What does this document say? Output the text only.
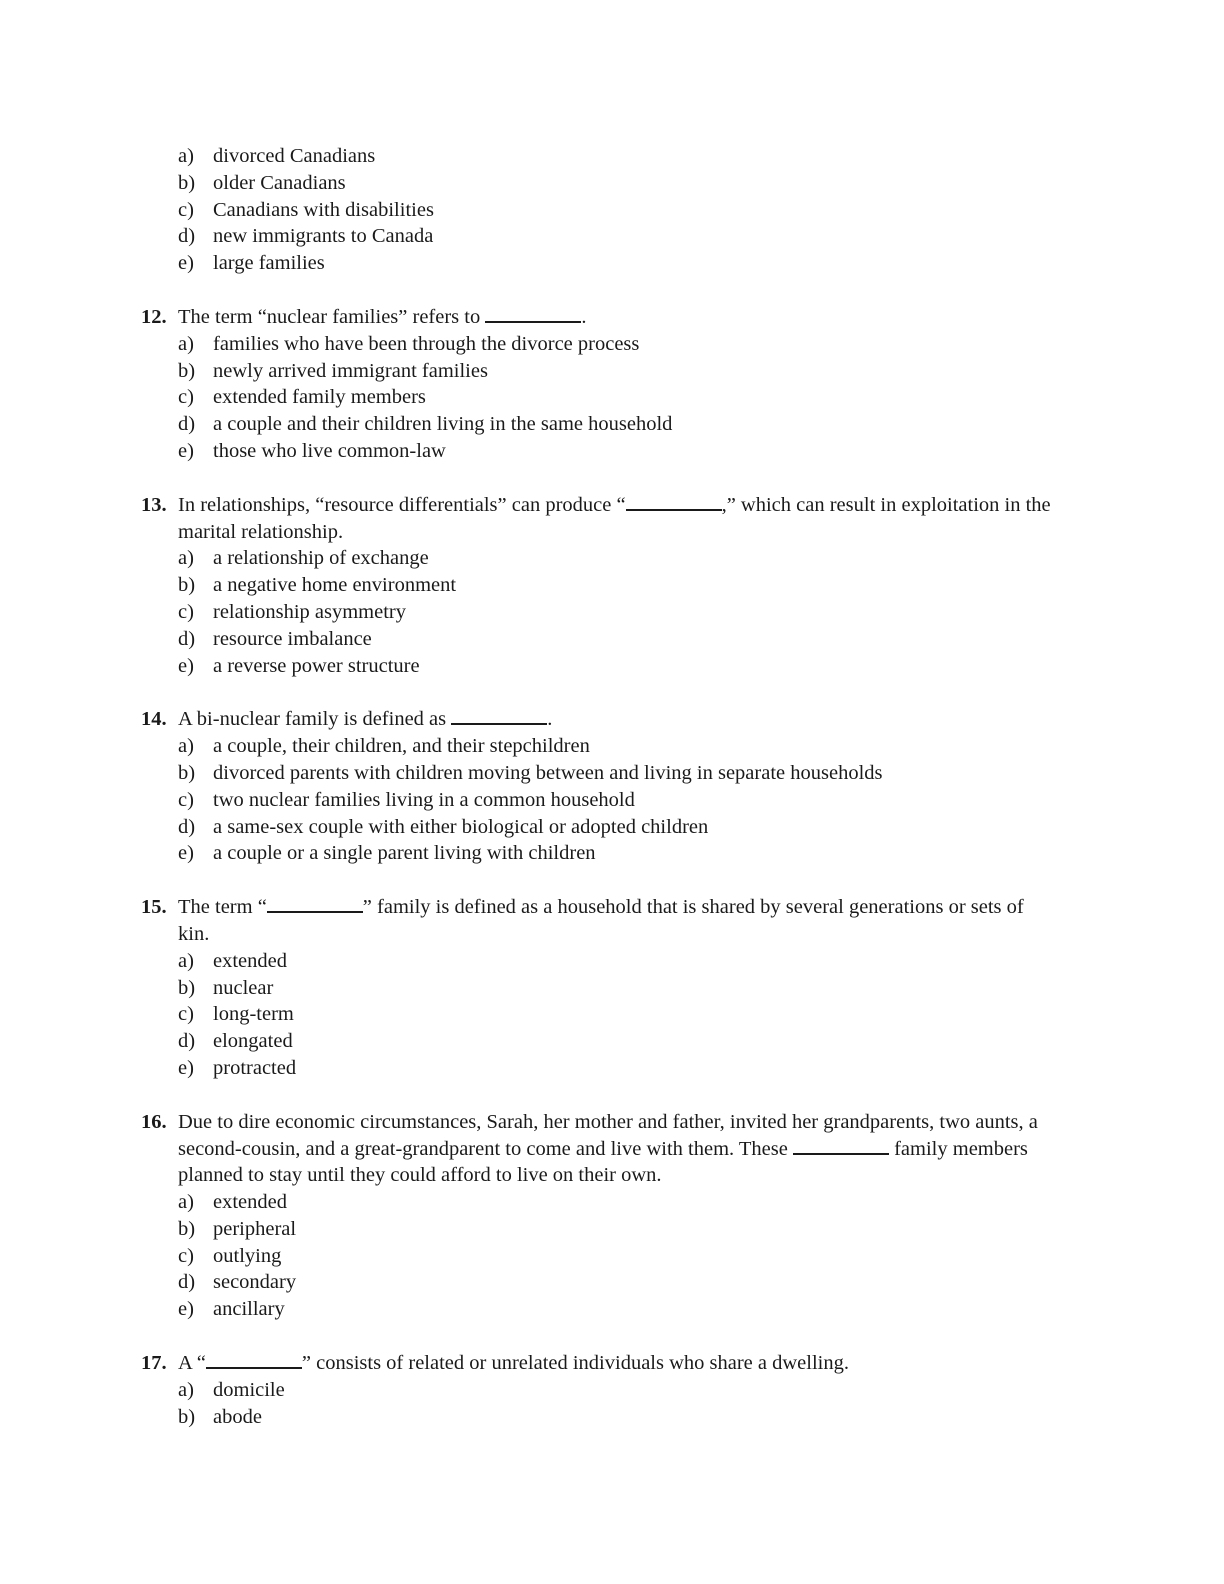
a) divorced Canadians
b) older Canadians
c) Canadians with disabilities
d) new immigrants to Canada
e) large families
12. The term “nuclear families” refers to	.
a) families who have been through the divorce process
b) newly arrived immigrant families
c) extended family members
d) a couple and their children living in the same household
e) those who live common-law
13. In relationships, “resource differentials” can produce “	,” which can result in exploitation in the marital relationship.
a) a relationship of exchange
b) a negative home environment
c) relationship asymmetry
d) resource imbalance
e) a reverse power structure
14. A bi-nuclear family is defined as	.
a) a couple, their children, and their stepchildren
b) divorced parents with children moving between and living in separate households
c) two nuclear families living in a common household
d) a same-sex couple with either biological or adopted children
e) a couple or a single parent living with children
15. The term “	” family is defined as a household that is shared by several generations or sets of kin.
a) extended
b) nuclear
c) long-term
d) elongated
e) protracted
16. Due to dire economic circumstances, Sarah, her mother and father, invited her grandparents, two aunts, a second-cousin, and a great-grandparent to come and live with them. These	family members planned to stay until they could afford to live on their own.
a) extended
b) peripheral
c) outlying
d) secondary
e) ancillary
17. A “	” consists of related or unrelated individuals who share a dwelling.
a) domicile
b) abode
